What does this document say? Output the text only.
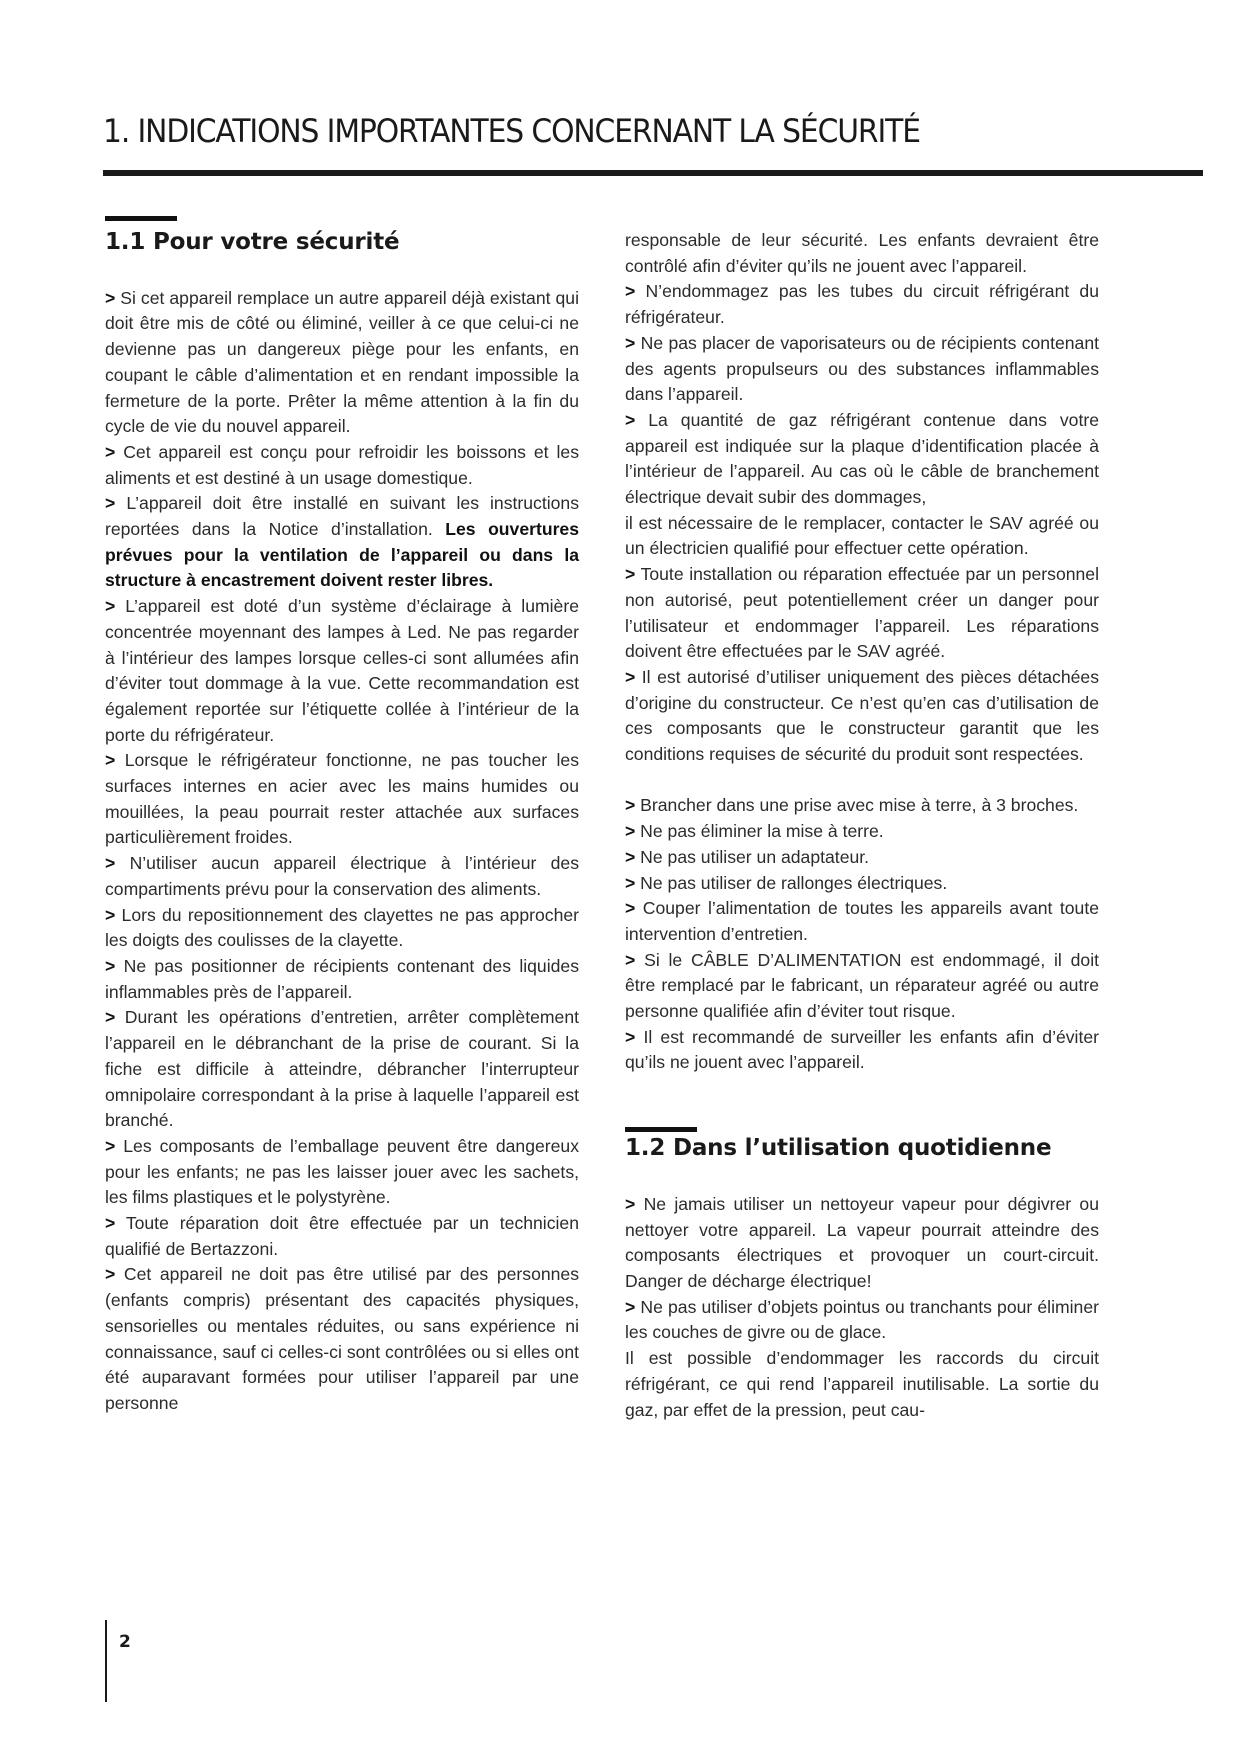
1. INDICATIONS IMPORTANTES CONCERNANT LA SÉCURITÉ
1.1 Pour votre sécurité

> Si cet appareil remplace un autre appareil déjà existant qui doit être mis de côté ou éliminé, veiller à ce que celui-ci ne devienne pas un dangereux piège pour les enfants, en coupant le câble d’alimentation et en rendant impossible la fermeture de la porte. Prêter la même attention à la fin du cycle de vie du nouvel appareil.

> Cet appareil est conçu pour refroidir les boissons et les aliments et est destiné à un usage domestique.

> L’appareil doit être installé en suivant les instructions reportées dans la Notice d’installation. Les ouvertures prévues pour la ventilation de l’appareil ou dans la structure à encastrement doivent rester libres.

> L’appareil est doté d’un système d’éclairage à lumière concentrée moyennant des lampes à Led. Ne pas regarder à l’intérieur des lampes lorsque celles-ci sont allumées afin d’éviter tout dommage à la vue. Cette recommandation est également reportée sur l’étiquette collée à l’intérieur de la porte du réfrigérateur.

> Lorsque le réfrigérateur fonctionne, ne pas toucher les surfaces internes en acier avec les mains humides ou mouillées, la peau pourrait rester attachée aux surfaces particulièrement froides.

> N’utiliser aucun appareil électrique à l’intérieur des compartiments prévu pour la conservation des aliments.

> Lors du repositionnement des clayettes ne pas approcher les doigts des coulisses de la clayette.

> Ne pas positionner de récipients contenant des liquides inflammables près de l’appareil.

> Durant les opérations d’entretien, arrêter complètement l’appareil en le débranchant de la prise de courant. Si la fiche est difficile à atteindre, débrancher l’interrupteur omnipolaire correspondant à la prise à laquelle l’appareil est branché.

> Les composants de l’emballage peuvent être dangereux pour les enfants; ne pas les laisser jouer avec les sachets, les films plastiques et le polystyrène.

> Toute réparation doit être effectuée par un technicien qualifié de Bertazzoni.

> Cet appareil ne doit pas être utilisé par des personnes (enfants compris) présentant des capacités physiques, sensorielles ou mentales réduites, ou sans expérience ni connaissance, sauf ci celles-ci sont contrôlées ou si elles ont été auparavant formées pour utiliser l’appareil par une personne

responsable de leur sécurité. Les enfants devraient être contrôlé afin d’éviter qu’ils ne jouent avec l’appareil.

> N’endommagez pas les tubes du circuit réfrigérant du réfrigérateur.

> Ne pas placer de vaporisateurs ou de récipients contenant des agents propulseurs ou des substances inflammables dans l’appareil.

> La quantité de gaz réfrigérant contenue dans votre appareil est indiquée sur la plaque d’identification placée à l’intérieur de l’appareil. Au cas où le câble de branchement électrique devait subir des dommages,

il est nécessaire de le remplacer, contacter le SAV agréé ou un électricien qualifié pour effectuer cette opération.

> Toute installation ou réparation effectuée par un personnel non autorisé, peut potentiellement créer un danger pour l’utilisateur et endommager l’appareil. Les réparations doivent être effectuées par le SAV agréé.

> Il est autorisé d’utiliser uniquement des pièces détachées d’origine du constructeur. Ce n’est qu’en cas d’utilisation de ces composants que le constructeur garantit que les conditions requises de sécurité du produit sont respectées.

> Brancher dans une prise avec mise à terre, à 3 broches.

> Ne pas éliminer la mise à terre.

> Ne pas utiliser un adaptateur.

> Ne pas utiliser de rallonges électriques.

> Couper l’alimentation de toutes les appareils avant toute intervention d’entretien.

> Si le CÂBLE D’ALIMENTATION est endommagé, il doit être remplacé par le fabricant, un réparateur agréé ou autre personne qualifiée afin d’éviter tout risque.

> Il est recommandé de surveiller les enfants afin d’éviter qu’ils ne jouent avec l’appareil.

1.2 Dans l’utilisation quotidienne

> Ne jamais utiliser un nettoyeur vapeur pour dégivrer ou nettoyer votre appareil. La vapeur pourrait atteindre des composants électriques et provoquer un court-circuit. Danger de décharge électrique!

> Ne pas utiliser d’objets pointus ou tranchants pour éliminer les couches de givre ou de glace.

Il est possible d’endommager les raccords du circuit réfrigérant, ce qui rend l’appareil inutilisable. La sortie du gaz, par effet de la pression, peut cau-

2
